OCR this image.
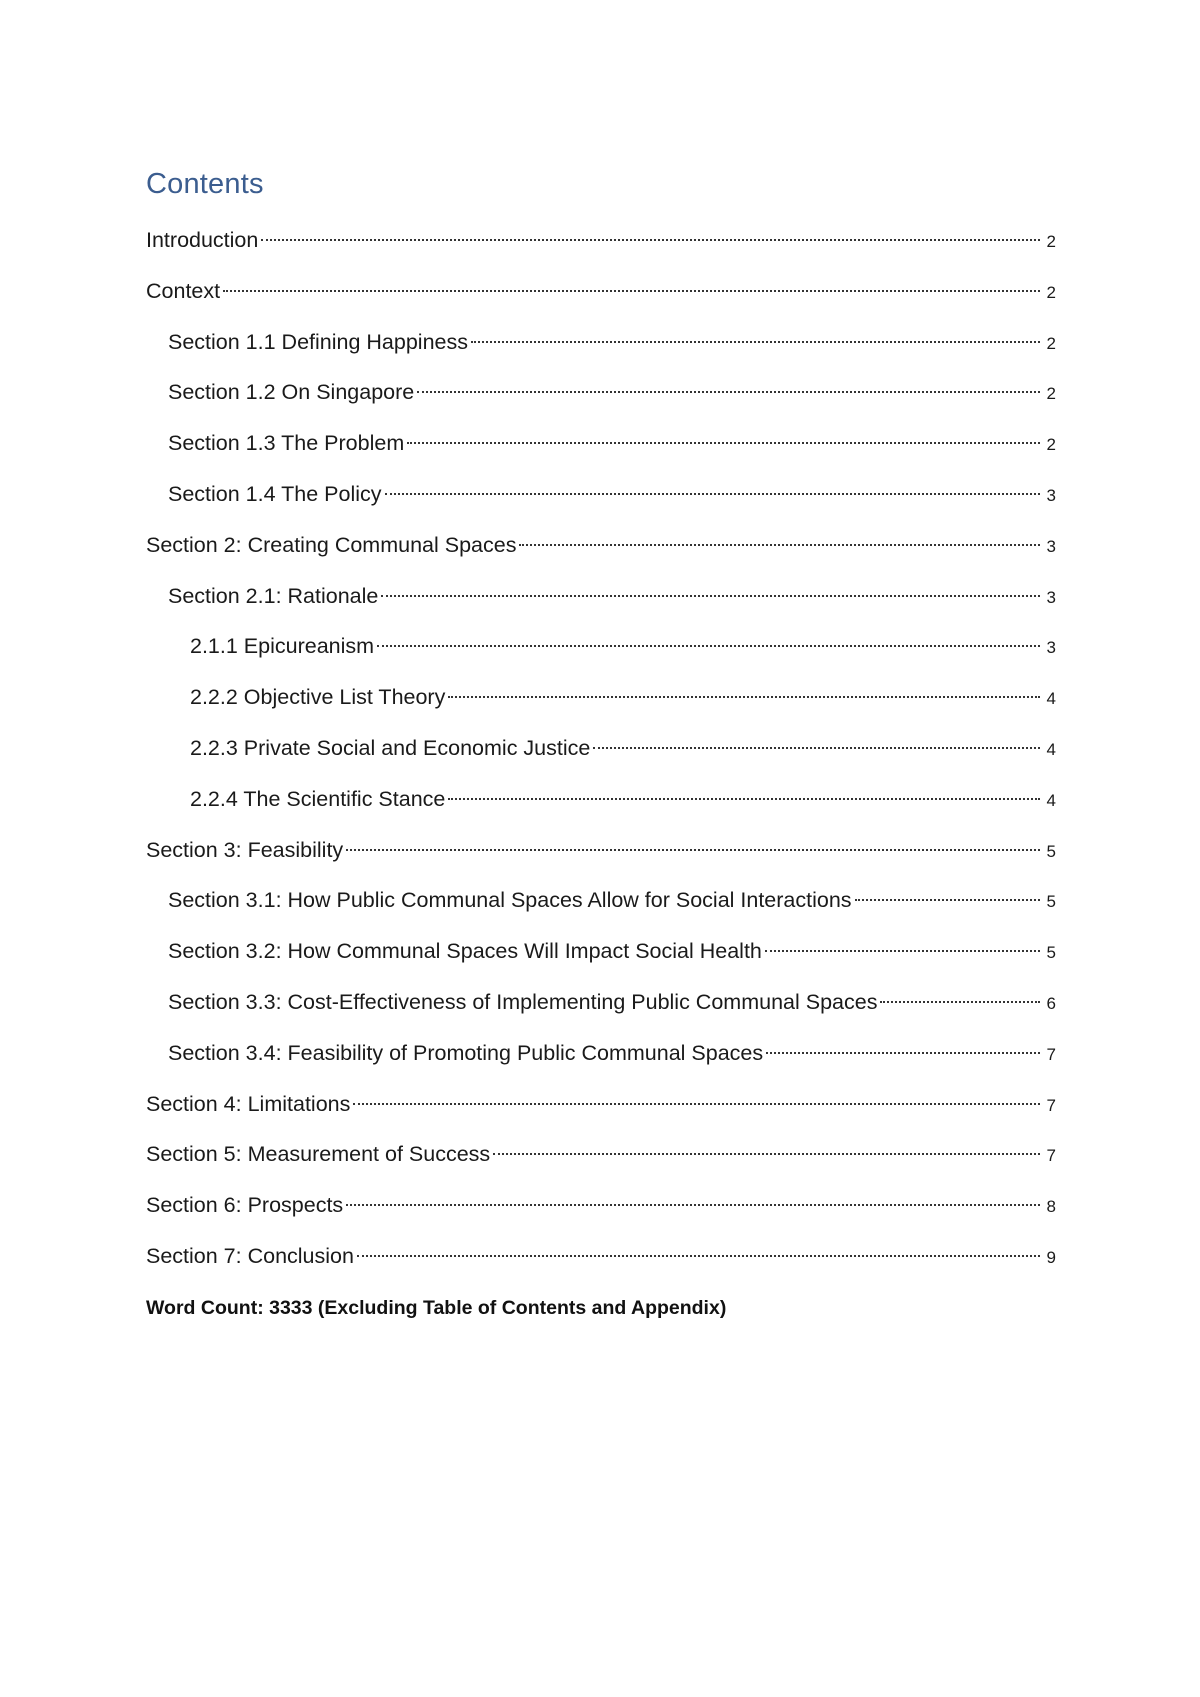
Contents
Introduction	2
Context	2
Section 1.1 Defining Happiness	2
Section 1.2 On Singapore	2
Section 1.3 The Problem	2
Section 1.4 The Policy	3
Section 2: Creating Communal Spaces	3
Section 2.1: Rationale	3
2.1.1 Epicureanism	3
2.2.2 Objective List Theory	4
2.2.3 Private Social and Economic Justice	4
2.2.4 The Scientific Stance	4
Section 3: Feasibility	5
Section 3.1: How Public Communal Spaces Allow for Social Interactions	5
Section 3.2: How Communal Spaces Will Impact Social Health	5
Section 3.3: Cost-Effectiveness of Implementing Public Communal Spaces	6
Section 3.4: Feasibility of Promoting Public Communal Spaces	7
Section 4: Limitations	7
Section 5: Measurement of Success	7
Section 6: Prospects	8
Section 7: Conclusion	9
Word Count: 3333 (Excluding Table of Contents and Appendix)
